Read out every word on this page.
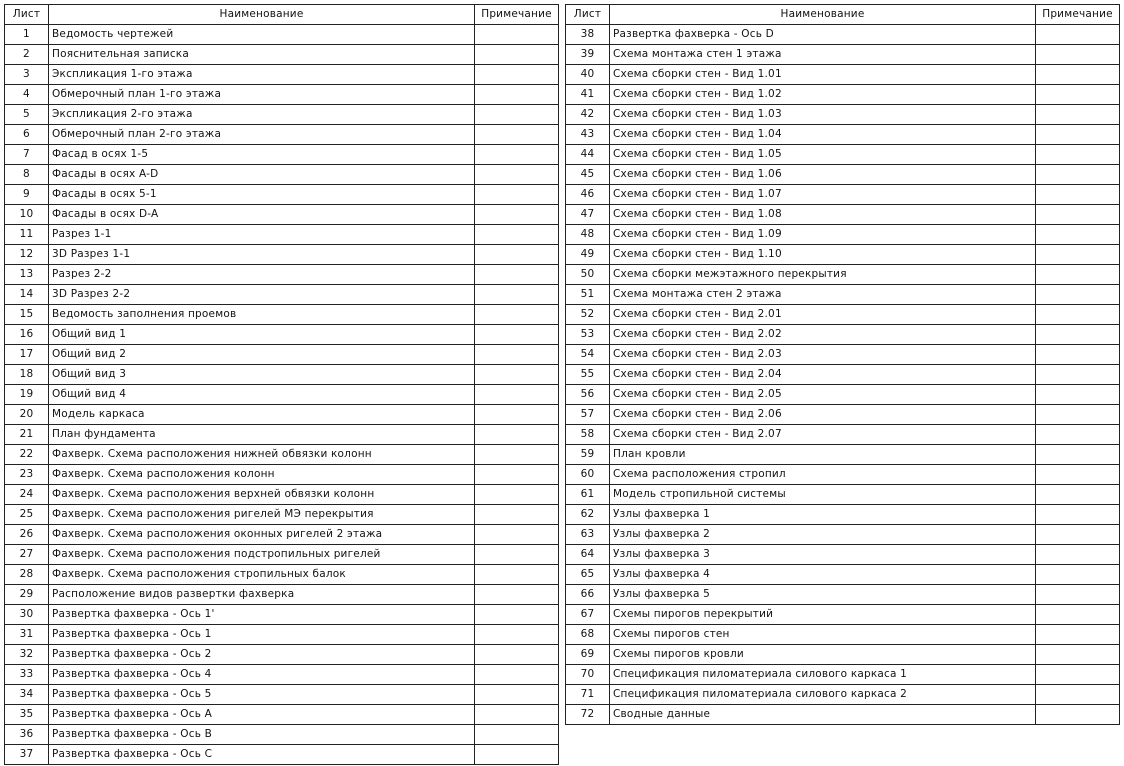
Лист	Наименование	Примечание
1	Ведомость чертежей	
2	Пояснительная записка	
3	Экспликация 1-го этажа	
4	Обмерочный план 1-го этажа	
5	Экспликация 2-го этажа	
6	Обмерочный план 2-го этажа	
7	Фасад в осях 1-5	
8	Фасады в осях A-D	
9	Фасады в осях 5-1	
10	Фасады в осях D-A	
11	Разрез 1-1	
12	3D Разрез 1-1	
13	Разрез 2-2	
14	3D Разрез 2-2	
15	Ведомость заполнения проемов	
16	Общий вид 1	
17	Общий вид 2	
18	Общий вид 3	
19	Общий вид 4	
20	Модель каркаса	
21	План фундамента	
22	Фахверк. Схема расположения нижней обвязки колонн	
23	Фахверк. Схема расположения колонн	
24	Фахверк. Схема расположения верхней обвязки колонн	
25	Фахверк. Схема расположения ригелей МЭ перекрытия	
26	Фахверк. Схема расположения оконных ригелей 2 этажа	
27	Фахверк. Схема расположения подстропильных ригелей	
28	Фахверк. Схема расположения стропильных балок	
29	Расположение видов развертки фахверка	
30	Развертка фахверка - Ось 1'	
31	Развертка фахверка - Ось 1	
32	Развертка фахверка - Ось 2	
33	Развертка фахверка - Ось 4	
34	Развертка фахверка - Ось 5	
35	Развертка фахверка - Ось А	
36	Развертка фахверка - Ось В	
37	Развертка фахверка - Ось С	
Лист	Наименование	Примечание
38	Развертка фахверка - Ось D	
39	Схема монтажа стен 1 этажа	
40	Схема сборки стен - Вид 1.01	
41	Схема сборки стен - Вид 1.02	
42	Схема сборки стен - Вид 1.03	
43	Схема сборки стен - Вид 1.04	
44	Схема сборки стен - Вид 1.05	
45	Схема сборки стен - Вид 1.06	
46	Схема сборки стен - Вид 1.07	
47	Схема сборки стен - Вид 1.08	
48	Схема сборки стен - Вид 1.09	
49	Схема сборки стен - Вид 1.10	
50	Схема сборки межэтажного перекрытия	
51	Схема монтажа стен 2 этажа	
52	Схема сборки стен - Вид 2.01	
53	Схема сборки стен - Вид 2.02	
54	Схема сборки стен - Вид 2.03	
55	Схема сборки стен - Вид 2.04	
56	Схема сборки стен - Вид 2.05	
57	Схема сборки стен - Вид 2.06	
58	Схема сборки стен - Вид 2.07	
59	План кровли	
60	Схема расположения стропил	
61	Модель стропильной системы	
62	Узлы фахверка 1	
63	Узлы фахверка 2	
64	Узлы фахверка 3	
65	Узлы фахверка 4	
66	Узлы фахверка 5	
67	Схемы пирогов перекрытий	
68	Схемы пирогов стен	
69	Схемы пирогов кровли	
70	Спецификация пиломатериала силового каркаса 1	
71	Спецификация пиломатериала силового каркаса 2	
72	Сводные данные	
